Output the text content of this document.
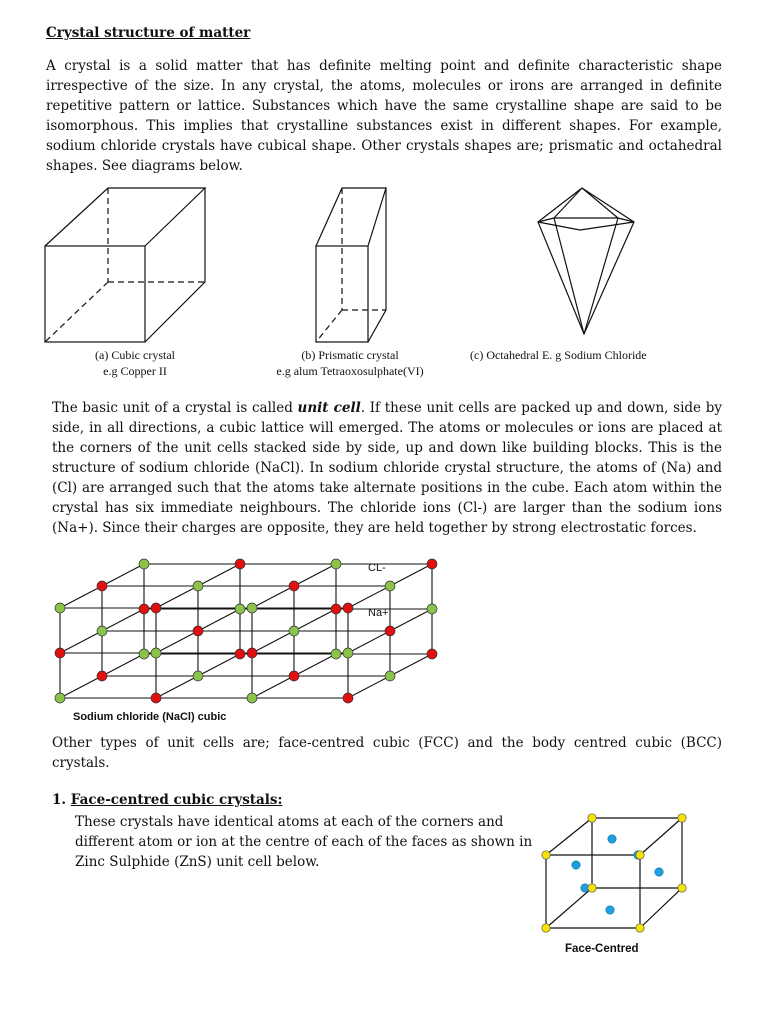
Crystal structure of matter
A crystal is a solid matter that has definite melting point and definite characteristic shape irrespective of the size. In any crystal, the atoms, molecules or irons are arranged in definite repetitive pattern or lattice. Substances which have the same crystalline shape are said to be isomorphous. This implies that crystalline substances exist in different shapes. For example, sodium chloride crystals have cubical shape. Other crystals shapes are; prismatic and octahedral shapes. See diagrams below.
(a) Cubic crystal
e.g Copper II
(b) Prismatic crystal
e.g alum Tetraoxosulphate(VI)
(c) Octahedral E. g Sodium Chloride
The basic unit of a crystal is called unit cell. If these unit cells are packed up and down, side by side, in all directions, a cubic lattice will emerged. The atoms or molecules or ions are placed at the corners of the unit cells stacked side by side, up and down like building blocks. This is the structure of sodium chloride (NaCl). In sodium chloride crystal structure, the atoms of (Na) and (Cl) are arranged such that the atoms take alternate positions in the cube. Each atom within the crystal has six immediate neighbours. The chloride ions (Cl-) are larger than the sodium ions (Na+). Since their charges are opposite, they are held together by strong electrostatic forces.
CL-
Na+
Sodium chloride (NaCl) cubic
Other types of unit cells are; face-centred cubic (FCC) and the body centred cubic (BCC) crystals.
1. Face-centred cubic crystals:
These crystals have identical atoms at each of the corners and different atom or ion at the centre of each of the faces as shown in Zinc Sulphide (ZnS) unit cell below.
Face-Centred
